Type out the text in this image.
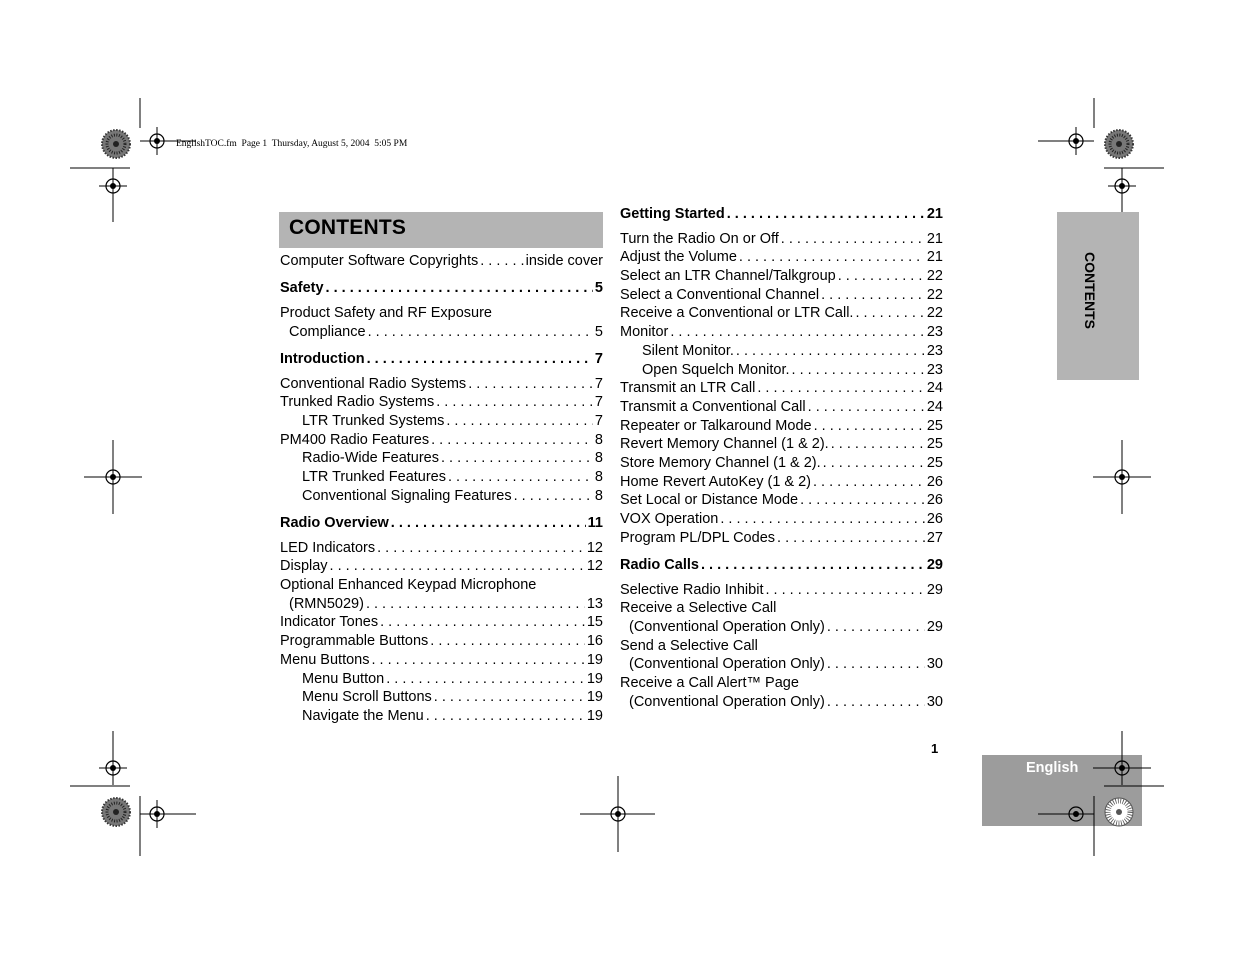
EnglishTOC.fm  Page 1  Thursday, August 5, 2004  5:05 PM
CONTENTS
Computer Software Copyrights . . .	inside cover
Safety . . .	5
Product Safety and RF Exposure
Compliance . . .	5
Introduction . . .	7
Conventional Radio Systems . . .	7
Trunked Radio Systems . . .	7
LTR Trunked Systems . . .	7
PM400 Radio Features . . .	8
Radio-Wide Features . . .	8
LTR Trunked Features . . .	8
Conventional Signaling Features . . .	8
Radio Overview . . .	11
LED Indicators . . .	12
Display . . .	12
Optional Enhanced Keypad Microphone
(RMN5029) . . .	13
Indicator Tones . . .	15
Programmable Buttons . . .	16
Menu Buttons . . .	19
Menu Button . . .	19
Menu Scroll Buttons . . .	19
Navigate the Menu . . .	19
Getting Started . . .	21
Turn the Radio On or Off . . .	21
Adjust the Volume . . .	21
Select an LTR Channel/Talkgroup . . .	22
Select a Conventional Channel . . .	22
Receive a Conventional or LTR Call. . . .	22
Monitor . . .	23
Silent Monitor. . . .	23
Open Squelch Monitor. . . .	23
Transmit an LTR Call . . .	24
Transmit a Conventional Call . . .	24
Repeater or Talkaround Mode . . .	25
Revert Memory Channel (1 & 2). . . .	25
Store Memory Channel (1 & 2). . . .	25
Home Revert AutoKey (1 & 2) . . .	26
Set Local or Distance Mode . . .	26
VOX Operation . . .	26
Program PL/DPL Codes . . .	27
Radio Calls . . .	29
Selective Radio Inhibit . . .	29
Receive a Selective Call
(Conventional Operation Only) . . .	29
Send a Selective Call
(Conventional Operation Only) . . .	30
Receive a Call Alert™ Page
(Conventional Operation Only) . . .	30
CONTENTS
1
English
